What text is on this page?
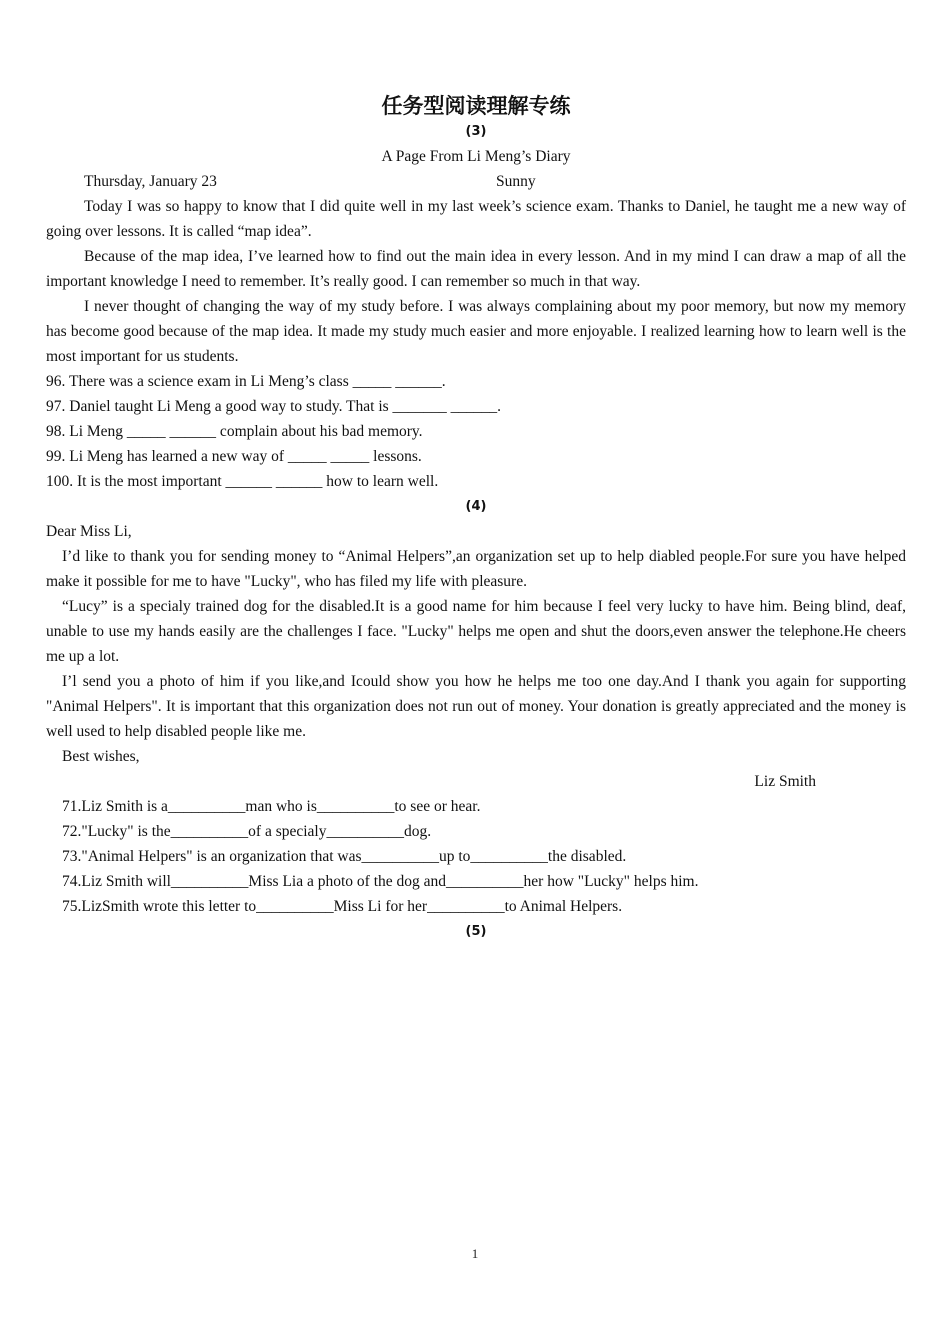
任务型阅读理解专练
(3)
A Page From Li Meng’s Diary
Thursday, January 23	Sunny

Today I was so happy to know that I did quite well in my last week’s science exam. Thanks to Daniel, he taught me a new way of going over lessons. It is called “map idea”.

Because of the map idea, I’ve learned how to find out the main idea in every lesson. And in my mind I can draw a map of all the important knowledge I need to remember. It’s really good. I can remember so much in that way.

I never thought of changing the way of my study before. I was always complaining about my poor memory, but now my memory has become good because of the map idea. It made my study much easier and more enjoyable. I realized learning how to learn well is the most important for us students.

96. There was a science exam in Li Meng’s class _____ ______.
97. Daniel taught Li Meng a good way to study. That is _______ ______.
98. Li Meng _____ ______ complain about his bad memory.
99. Li Meng has learned a new way of _____ _____ lessons.
100. It is the most important ______ ______ how to learn well.
(4)
Dear Miss Li,

I’d like to thank you for sending money to “Animal Helpers”,an organization set up to help diabled people.For sure you have helped make it possible for me to have "Lucky", who has filed my life with pleasure.

“Lucy” is a specialy trained dog for the disabled.It is a good name for him because I feel very lucky to have him. Being blind, deaf, unable to use my hands easily are the challenges I face. "Lucky" helps me open and shut the doors,even answer the telephone.He cheers me up a lot.

I’l send you a photo of him if you like,and Icould show you how he helps me too one day.And I thank you again for supporting "Animal Helpers". It is important that this organization does not run out of money. Your donation is greatly appreciated and the money is well used to help disabled people like me.

Best wishes,
Liz Smith
71.Liz Smith is a__________man who is__________to see or hear.
72."Lucky" is the__________of a specialy__________dog.
73."Animal Helpers" is an organization that was__________up to__________the disabled.
74.Liz Smith will__________Miss Lia a photo of the dog and__________her how "Lucky" helps him.
75.LizSmith wrote this letter to__________Miss Li for her__________to Animal Helpers.
(5)
1
